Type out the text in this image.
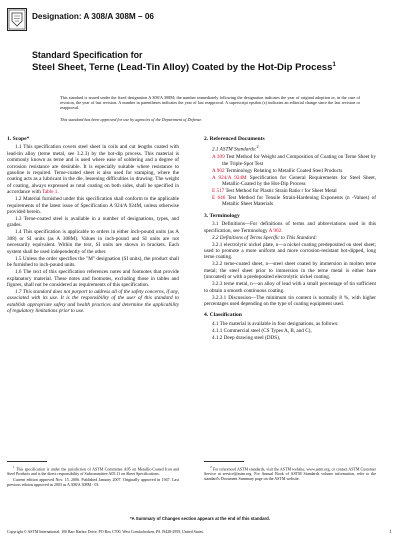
Designation: A 308/A 308M – 06
Standard Specification for
Steel Sheet, Terne (Lead-Tin Alloy) Coated by the Hot-Dip Process$^1$
This standard is issued under the fixed designation A 308/A 308M; the number immediately following the designation indicates the year of original adoption or, in the case of revision, the year of last revision. A number in parentheses indicates the year of last reapproval. A superscript epsilon (ε) indicates an editorial change since the last revision or reapproval.
This standard has been approved for use by agencies of the Department of Defense.

1. Scope*

1.1 This specification covers steel sheet in coils and cut lengths coated with lead-tin alloy (terne metal, see 3.2.3) by the hot-dip process. This material is commonly known as terne and is used where ease of soldering and a degree of corrosion resistance are desirable. It is especially suitable where resistance to gasoline is required. Terne-coated sheet is also used for stamping, where the coating acts as a lubricant in the die, lessening difficulties in drawing. The weight of coating, always expressed as total coating on both sides, shall be specified in accordance with Table 1.

1.2 Material furnished under this specification shall conform to the applicable requirements of the latest issue of Specification A 924/A 924M, unless otherwise provided herein.

1.3 Terne-coated steel is available in a number of designations, types, and grades.

1.4 This specification is applicable to orders in either inch-pound units (as A 308) or SI units (as A 308M). Values in inch-pound and SI units are not necessarily equivalent. Within the text, SI units are shown in brackets. Each system shall be used independently of the other.

1.5 Unless the order specifies the "M" designation (SI units), the product shall be furnished to inch-pound units.

1.6 The text of this specification references notes and footnotes that provide explanatory material. These notes and footnotes, excluding those in tables and figures, shall not be considered as requirements of this specification.

1.7 This standard does not purport to address all of the safety concerns, if any, associated with its use. It is the responsibility of the user of this standard to establish appropriate safety and health practices and determine the applicability of regulatory limitations prior to use.

2. Referenced Documents

2.1 ASTM Standards:$^2$

A 309 Test Method for Weight and Composition of Coating on Terne Sheet by the Triple-Spot Test

A 902 Terminology Relating to Metallic Coated Steel Products

A 924/A 924M Specification for General Requirements for Steel Sheet, Metallic-Coated by the Hot-Dip Process

E 517 Test Method for Plastic Strain Ratio r for Sheet Metal

E 646 Test Method for Tensile Strain-Hardening Exponents (n -Values) of Metallic Sheet Materials

3. Terminology

3.1 Definitions—For definitions of terms and abbreviations used in this specification, see Terminology A 902.

3.2 Definitions of Terms Specific to This Standard:

3.2.1 electrolytic nickel plate, n—a nickel coating predeposited on steel sheet; used to promote a more uniform and more corrosion-resistant hot-dipped, long terne coating.

3.2.2 terne-coated sheet, n—steel sheet coated by immersion in molten terne metal; the steel sheet prior to immersion in the terne metal is either bare (uncoated) or with a predeposited electrolytic nickel coating.

3.2.3 terne metal, n—an alloy of lead with a small percentage of tin sufficient to obtain a smooth continuous coating.

3.2.3.1 Discussion—The minimum tin content is normally 8 %, with higher percentages used depending on the type of coating equipment used.

4. Classification

4.1 The material is available in four designations, as follows:

4.1.1 Commercial steel (CS Types A, B, and C),

4.1.2 Deep drawing steel (DDS),

$^1$ This specification is under the jurisdiction of ASTM Committee A05 on Metallic-Coated Iron and Steel Products and is the direct responsibility of Subcommittee A05.11 on Sheet Specifications.

Current edition approved Nov. 15, 2006. Published January 2007. Originally approved in 1947. Last previous edition approved in 2003 as A 308/A 308M - 03.

$^2$ For referenced ASTM standards, visit the ASTM website, www.astm.org, or contact ASTM Customer Service at service@astm.org. For Annual Book of ASTM Standards volume information, refer to the standard's Document Summary page on the ASTM website.

*A Summary of Changes section appears at the end of this standard.
Copyright © ASTM International, 100 Barr Harbor Drive, PO Box C700, West Conshohocken, PA 19428-2959, United States.	1
